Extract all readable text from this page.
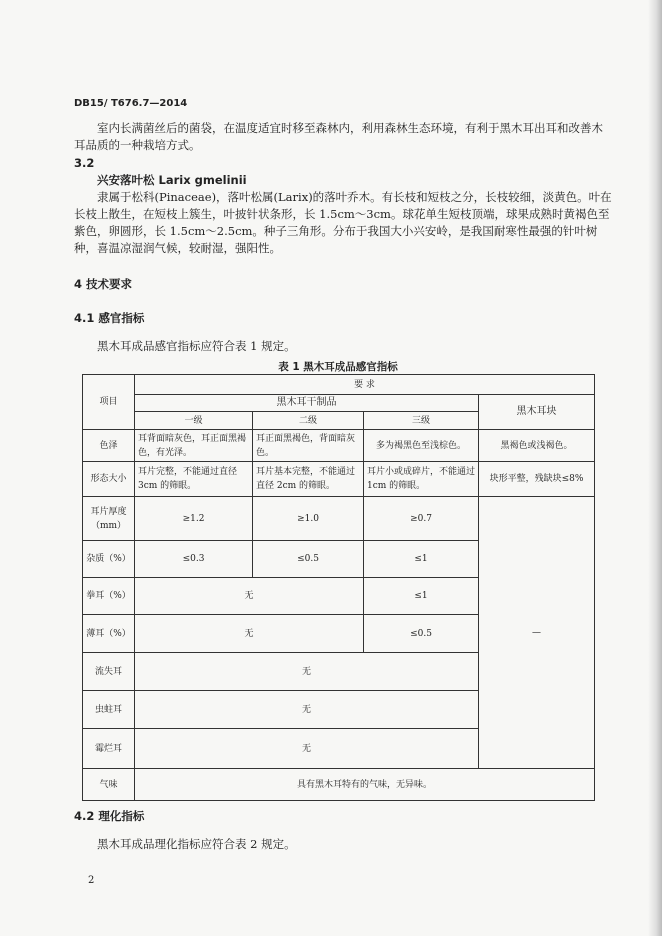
DB15/ T676.7—2014
室内长满菌丝后的菌袋，在温度适宜时移至森林内，利用森林生态环境，有利于黑木耳出耳和改善木耳品质的一种栽培方式。
3.2
兴安落叶松 Larix gmelinii
隶属于松科(Pinaceae)，落叶松属(Larix)的落叶乔木。有长枝和短枝之分，长枝较细，淡黄色。叶在长枝上散生，在短枝上簇生，叶披针状条形，长 1.5cm～3cm。球花单生短枝顶端，球果成熟时黄褐色至紫色，卵圆形，长 1.5cm～2.5cm。种子三角形。分布于我国大小兴安岭，是我国耐寒性最强的针叶树种，喜温凉湿润气候，较耐湿，强阳性。
4 技术要求
4.1 感官指标
黑木耳成品感官指标应符合表 1 规定。
表 1 黑木耳成品感官指标
项目	要 求			
	黑木耳干制品			黑木耳块
	一级	二级	三级	
色泽	耳背面暗灰色，耳正面黑褐色，有光泽。	耳正面黑褐色，背面暗灰色。	多为褐黑色至浅棕色。	黑褐色或浅褐色。
形态大小	耳片完整，不能通过直径 3cm 的筛眼。	耳片基本完整，不能通过直径 2cm 的筛眼。	耳片小或成碎片，不能通过 1cm 的筛眼。	块形平整，残缺块≤8%
耳片厚度（mm）	≥1.2	≥1.0	≥0.7	—
杂质（%）	≤0.3	≤0.5	≤1	
拳耳（%）	无		≤1	
薄耳（%）	无		≤0.5	
流失耳	无			
虫蛀耳	无			
霉烂耳	无			
气味	具有黑木耳特有的气味，无异味。			
4.2 理化指标
黑木耳成品理化指标应符合表 2 规定。
2
